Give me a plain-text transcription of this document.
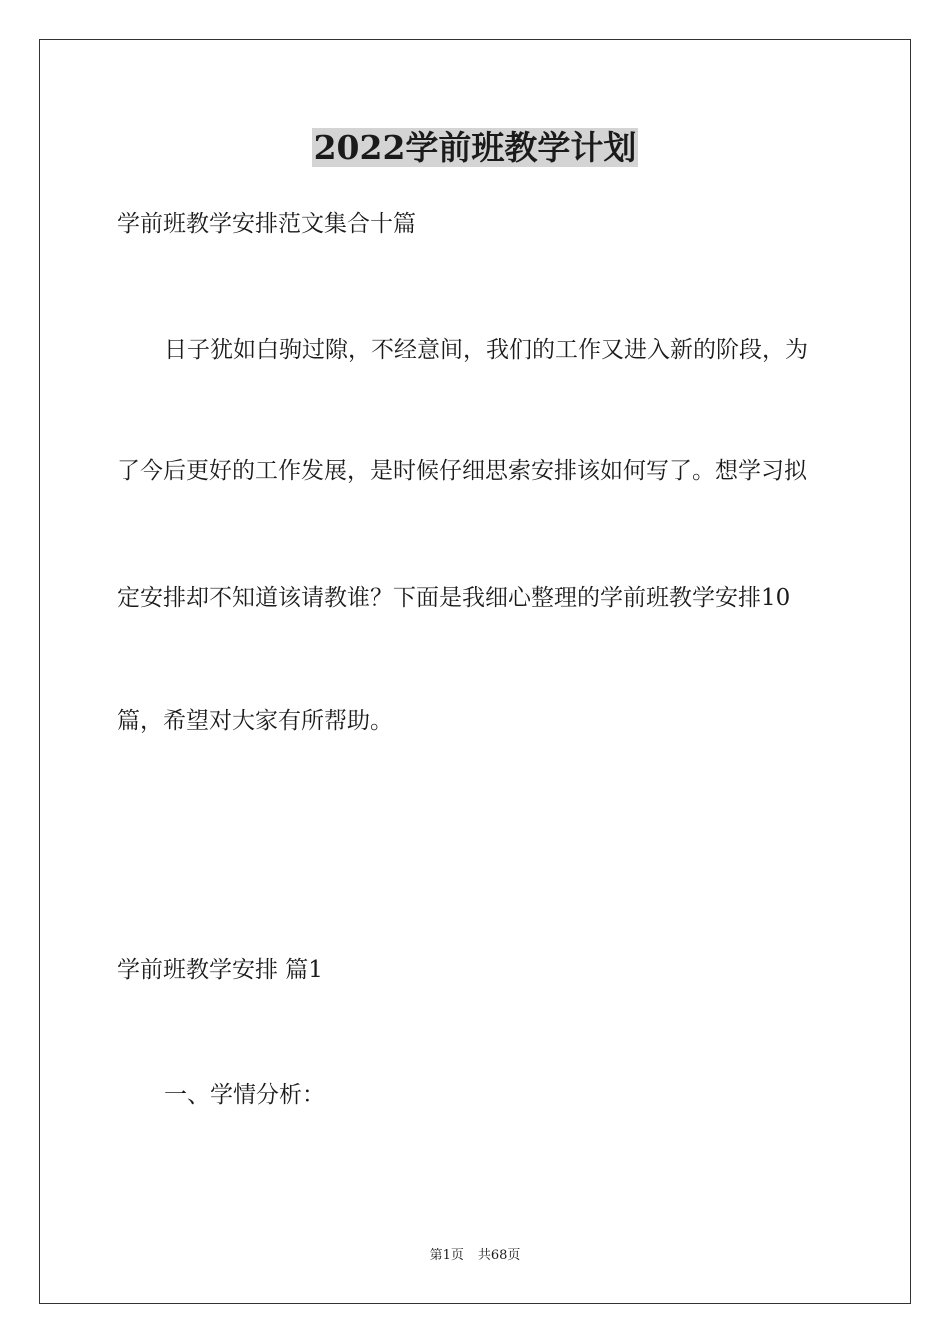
2022学前班教学计划
学前班教学安排范文集合十篇
日子犹如白驹过隙，不经意间，我们的工作又进入新的阶段，为
了今后更好的工作发展，是时候仔细思索安排该如何写了。想学习拟
定安排却不知道该请教谁？下面是我细心整理的学前班教学安排10
篇，希望对大家有所帮助。
学前班教学安排 篇1
一、学情分析：
第1页 共68页
